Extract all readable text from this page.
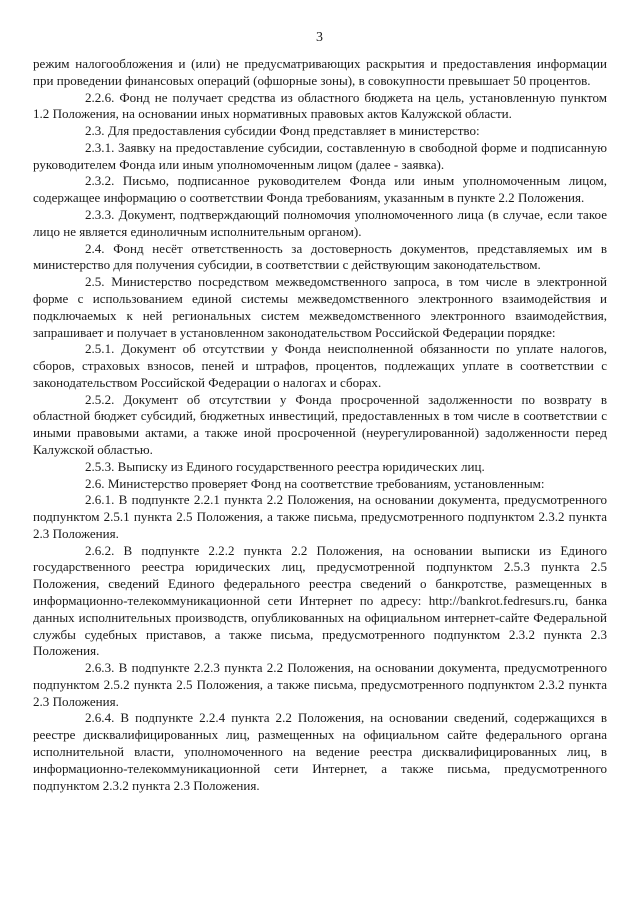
3

режим налогообложения и (или) не предусматривающих раскрытия и предоставления информации при проведении финансовых операций (офшорные зоны), в совокупности превышает 50 процентов.

2.2.6. Фонд не получает средства из областного бюджета на цель, установленную пунктом 1.2 Положения, на основании иных нормативных правовых актов Калужской области.

2.3. Для предоставления субсидии Фонд представляет в министерство:

2.3.1. Заявку на предоставление субсидии, составленную в свободной форме и подписанную руководителем Фонда или иным уполномоченным лицом (далее - заявка).

2.3.2. Письмо, подписанное руководителем Фонда или иным уполномоченным лицом, содержащее информацию о соответствии Фонда требованиям, указанным в пункте 2.2 Положения.

2.3.3. Документ, подтверждающий полномочия уполномоченного лица (в случае, если такое лицо не является единоличным исполнительным органом).

2.4. Фонд несёт ответственность за достоверность документов, представляемых им в министерство для получения субсидии, в соответствии с действующим законодательством.

2.5. Министерство посредством межведомственного запроса, в том числе в электронной форме с использованием единой системы межведомственного электронного взаимодействия и подключаемых к ней региональных систем межведомственного электронного взаимодействия, запрашивает и получает в установленном законодательством Российской Федерации порядке:

2.5.1. Документ об отсутствии у Фонда неисполненной обязанности по уплате налогов, сборов, страховых взносов, пеней и штрафов, процентов, подлежащих уплате в соответствии с законодательством Российской Федерации о налогах и сборах.

2.5.2. Документ об отсутствии у Фонда просроченной задолженности по возврату в областной бюджет субсидий, бюджетных инвестиций, предоставленных в том числе в соответствии с иными правовыми актами, а также иной просроченной (неурегулированной) задолженности перед Калужской областью.

2.5.3. Выписку из Единого государственного реестра юридических лиц.

2.6. Министерство проверяет Фонд на соответствие требованиям, установленным:

2.6.1. В подпункте 2.2.1 пункта 2.2 Положения, на основании документа, предусмотренного подпунктом 2.5.1 пункта 2.5 Положения, а также письма, предусмотренного подпунктом 2.3.2 пункта 2.3 Положения.

2.6.2. В подпункте 2.2.2 пункта 2.2 Положения, на основании выписки из Единого государственного реестра юридических лиц, предусмотренной подпунктом 2.5.3 пункта 2.5 Положения, сведений Единого федерального реестра сведений о банкротстве, размещенных в информационно-телекоммуникационной сети Интернет по адресу: http://bankrot.fedresurs.ru, банка данных исполнительных производств, опубликованных на официальном интернет-сайте Федеральной службы судебных приставов, а также письма, предусмотренного подпунктом 2.3.2 пункта 2.3 Положения.

2.6.3. В подпункте 2.2.3 пункта 2.2 Положения, на основании документа, предусмотренного подпунктом 2.5.2 пункта 2.5 Положения, а также письма, предусмотренного подпунктом 2.3.2 пункта 2.3 Положения.

2.6.4. В подпункте 2.2.4 пункта 2.2 Положения, на основании сведений, содержащихся в реестре дисквалифицированных лиц, размещенных на официальном сайте федерального органа исполнительной власти, уполномоченного на ведение реестра дисквалифицированных лиц, в информационно-телекоммуникационной сети Интернет, а также письма, предусмотренного подпунктом 2.3.2 пункта 2.3 Положения.
